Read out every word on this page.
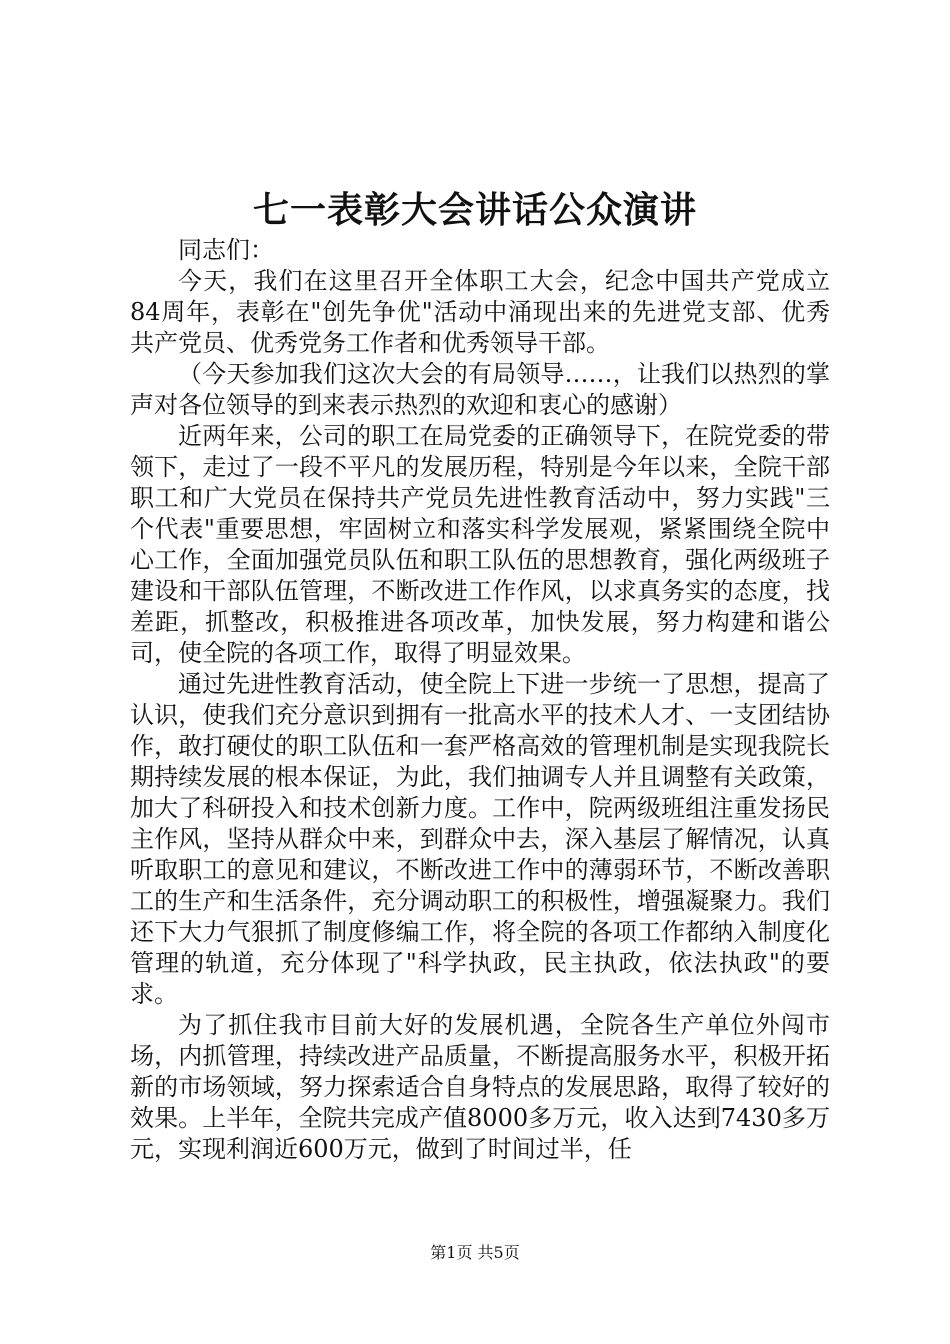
七一表彰大会讲话公众演讲

同志们：

今天，我们在这里召开全体职工大会，纪念中国共产党成立84周年，表彰在"创先争优"活动中涌现出来的先进党支部、优秀共产党员、优秀党务工作者和优秀领导干部。

（今天参加我们这次大会的有局领导……，让我们以热烈的掌声对各位领导的到来表示热烈的欢迎和衷心的感谢）

近两年来，公司的职工在局党委的正确领导下，在院党委的带领下，走过了一段不平凡的发展历程，特别是今年以来，全院干部职工和广大党员在保持共产党员先进性教育活动中，努力实践"三个代表"重要思想，牢固树立和落实科学发展观，紧紧围绕全院中心工作，全面加强党员队伍和职工队伍的思想教育，强化两级班子建设和干部队伍管理，不断改进工作作风，以求真务实的态度，找差距，抓整改，积极推进各项改革，加快发展，努力构建和谐公司，使全院的各项工作，取得了明显效果。

通过先进性教育活动，使全院上下进一步统一了思想，提高了认识，使我们充分意识到拥有一批高水平的技术人才、一支团结协作，敢打硬仗的职工队伍和一套严格高效的管理机制是实现我院长期持续发展的根本保证，为此，我们抽调专人并且调整有关政策，加大了科研投入和技术创新力度。工作中，院两级班组注重发扬民主作风，坚持从群众中来，到群众中去，深入基层了解情况，认真听取职工的意见和建议，不断改进工作中的薄弱环节，不断改善职工的生产和生活条件，充分调动职工的积极性，增强凝聚力。我们还下大力气狠抓了制度修编工作，将全院的各项工作都纳入制度化管理的轨道，充分体现了"科学执政，民主执政，依法执政"的要求。

为了抓住我市目前大好的发展机遇，全院各生产单位外闯市场，内抓管理，持续改进产品质量，不断提高服务水平，积极开拓新的市场领域，努力探索适合自身特点的发展思路，取得了较好的效果。上半年，全院共完成产值8000多万元，收入达到7430多万元，实现利润近600万元，做到了时间过半，任

第1页 共5页
